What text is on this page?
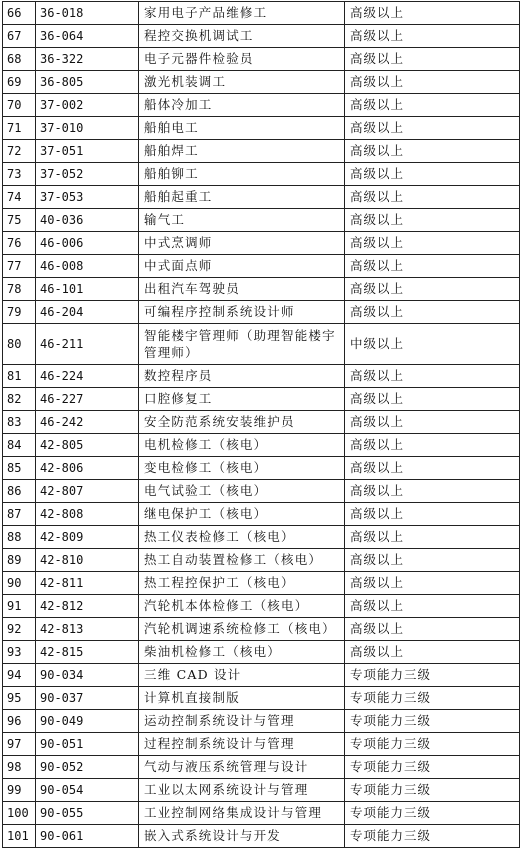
66	36-018	家用电子产品维修工	高级以上
67	36-064	程控交换机调试工	高级以上
68	36-322	电子元器件检验员	高级以上
69	36-805	激光机装调工	高级以上
70	37-002	船体冷加工	高级以上
71	37-010	船舶电工	高级以上
72	37-051	船舶焊工	高级以上
73	37-052	船舶铆工	高级以上
74	37-053	船舶起重工	高级以上
75	40-036	输气工	高级以上
76	46-006	中式烹调师	高级以上
77	46-008	中式面点师	高级以上
78	46-101	出租汽车驾驶员	高级以上
79	46-204	可编程序控制系统设计师	高级以上
80	46-211	智能楼宇管理师（助理智能楼宇管理师）	中级以上
81	46-224	数控程序员	高级以上
82	46-227	口腔修复工	高级以上
83	46-242	安全防范系统安装维护员	高级以上
84	42-805	电机检修工（核电）	高级以上
85	42-806	变电检修工（核电）	高级以上
86	42-807	电气试验工（核电）	高级以上
87	42-808	继电保护工（核电）	高级以上
88	42-809	热工仪表检修工（核电）	高级以上
89	42-810	热工自动装置检修工（核电）	高级以上
90	42-811	热工程控保护工（核电）	高级以上
91	42-812	汽轮机本体检修工（核电）	高级以上
92	42-813	汽轮机调速系统检修工（核电）	高级以上
93	42-815	柴油机检修工（核电）	高级以上
94	90-034	三维 CAD 设计	专项能力三级
95	90-037	计算机直接制版	专项能力三级
96	90-049	运动控制系统设计与管理	专项能力三级
97	90-051	过程控制系统设计与管理	专项能力三级
98	90-052	气动与液压系统管理与设计	专项能力三级
99	90-054	工业以太网系统设计与管理	专项能力三级
100	90-055	工业控制网络集成设计与管理	专项能力三级
101	90-061	嵌入式系统设计与开发	专项能力三级
